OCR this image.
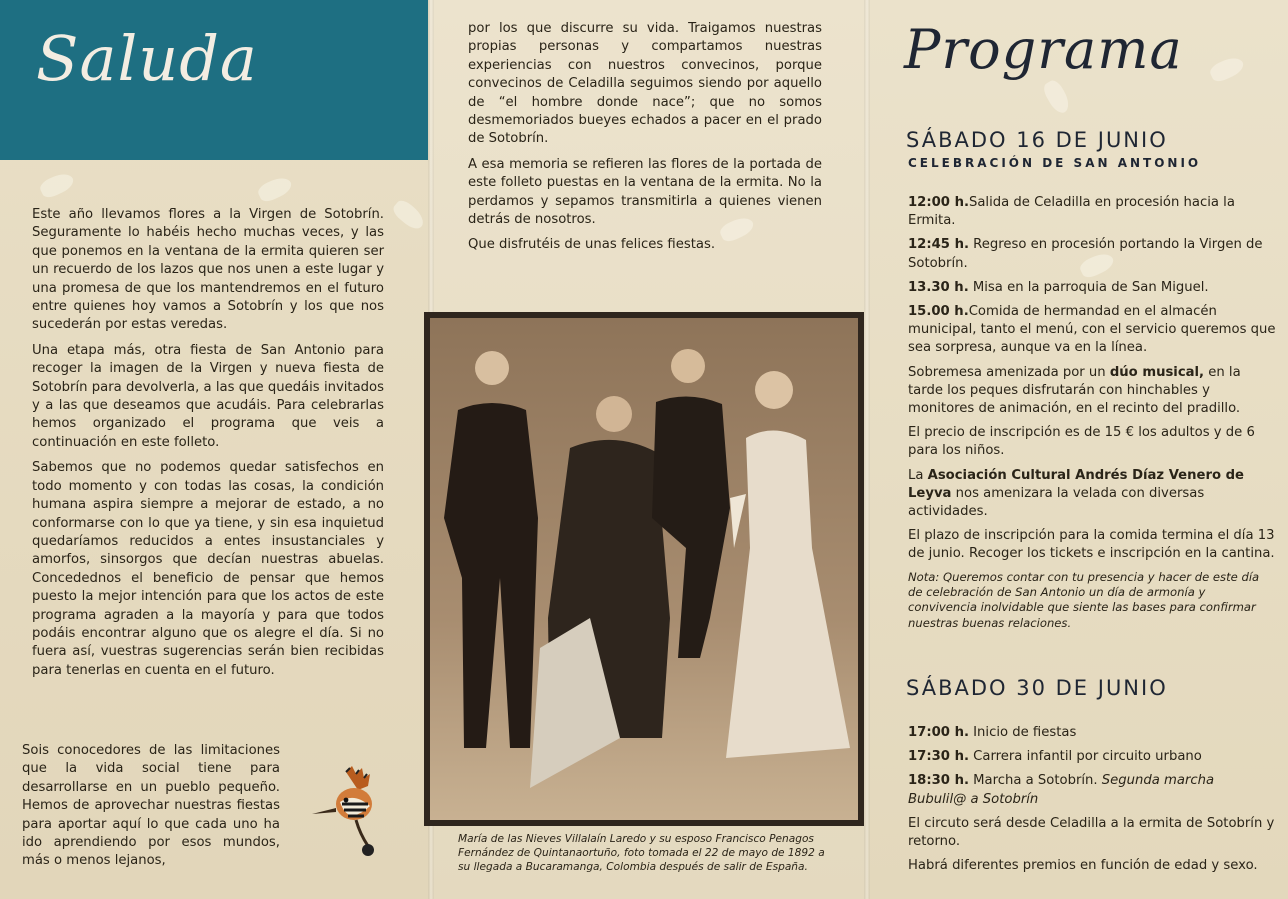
Saluda

Este año llevamos flores a la Virgen de Sotobrín. Seguramente lo habéis hecho muchas veces, y las que ponemos en la ventana de la ermita quieren ser un recuerdo de los lazos que nos unen a este lugar y una promesa de que los mantendremos en el futuro entre quienes hoy vamos a Sotobrín y los que nos sucederán por estas veredas.

Una etapa más, otra fiesta de San Antonio para recoger la imagen de la Virgen y nueva fiesta de Sotobrín para devolverla, a las que quedáis invitados y a las que deseamos que acudáis. Para celebrarlas hemos organizado el programa que veis a continuación en este folleto.

Sabemos que no podemos quedar satisfechos en todo momento y con todas las cosas, la condición humana aspira siempre a mejorar de estado, a no conformarse con lo que ya tiene, y sin esa inquietud quedaríamos reducidos a entes insustanciales y amorfos, sinsorgos que decían nuestras abuelas. Concedednos el beneficio de pensar que hemos puesto la mejor intención para que los actos de este programa agraden a la mayoría y para que todos podáis encontrar alguno que os alegre el día. Si no fuera así, vuestras sugerencias serán bien recibidas para tenerlas en cuenta en el futuro.

Sois conocedores de las limitaciones que la vida social tiene para desarrollarse en un pueblo pequeño. Hemos de aprovechar nuestras fiestas para aportar aquí lo que cada uno ha ido aprendiendo por esos mundos, más o menos lejanos,

por los que discurre su vida. Traigamos nuestras propias personas y compartamos nuestras experiencias con nuestros convecinos, porque convecinos de Celadilla seguimos siendo por aquello de “el hombre donde nace”; que no somos desmemoriados bueyes echados a pacer en el prado de Sotobrín.

A esa memoria se refieren las flores de la portada de este folleto puestas en la ventana de la ermita. No la perdamos y sepamos transmitirla a quienes vienen detrás de nosotros.

Que disfrutéis de unas felices fiestas.

María de las Nieves Villalaín Laredo y su esposo Francisco Penagos Fernández de Quintanaortuño, foto tomada el 22 de mayo de 1892 a su llegada a Bucaramanga, Colombia después de salir de España.
Programa
SÁBADO 16 DE JUNIO
CELEBRACIÓN DE SAN ANTONIO

12:00 h.Salida de Celadilla en procesión hacia la Ermita.

12:45 h. Regreso en procesión portando la Virgen de Sotobrín.

13.30 h. Misa en la parroquia de San Miguel.

15.00 h.Comida de hermandad en el almacén municipal, tanto el menú, con el servicio queremos que sea sorpresa, aunque va en la línea.

Sobremesa amenizada por un dúo musical, en la tarde los peques disfrutarán con hinchables y monitores de animación, en el recinto del pradillo.

El precio de inscripción es de 15 € los adultos y de 6 para los niños.

La Asociación Cultural Andrés Díaz Venero de Leyva nos amenizara la velada con diversas actividades.

El plazo de inscripción para la comida termina el día 13 de junio. Recoger los tickets e inscripción en la cantina.

Nota: Queremos contar con tu presencia y hacer de este día de celebración de San Antonio un día de armonía y convivencia inolvidable que siente las bases para confirmar nuestras buenas relaciones.

SÁBADO 30 DE JUNIO

17:00 h. Inicio de fiestas

17:30 h. Carrera infantil por circuito urbano

18:30 h. Marcha a Sotobrín. Segunda marcha Bubulil@ a Sotobrín

El circuto será desde Celadilla a la ermita de Sotobrín y retorno.

Habrá diferentes premios en función de edad y sexo.
